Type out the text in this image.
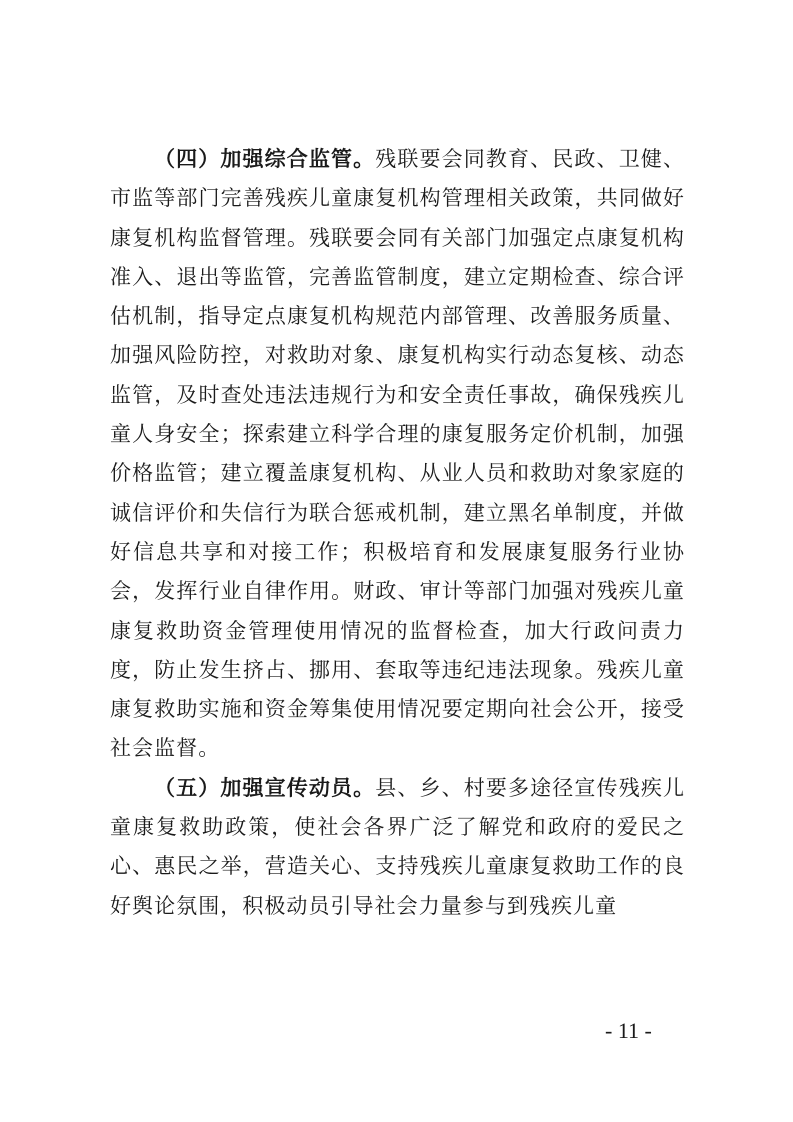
（四）加强综合监管。残联要会同教育、民政、卫健、市监等部门完善残疾儿童康复机构管理相关政策，共同做好康复机构监督管理。残联要会同有关部门加强定点康复机构准入、退出等监管，完善监管制度，建立定期检查、综合评估机制，指导定点康复机构规范内部管理、改善服务质量、加强风险防控，对救助对象、康复机构实行动态复核、动态监管，及时查处违法违规行为和安全责任事故，确保残疾儿童人身安全；探索建立科学合理的康复服务定价机制，加强价格监管；建立覆盖康复机构、从业人员和救助对象家庭的诚信评价和失信行为联合惩戒机制，建立黑名单制度，并做好信息共享和对接工作；积极培育和发展康复服务行业协会，发挥行业自律作用。财政、审计等部门加强对残疾儿童康复救助资金管理使用情况的监督检查，加大行政问责力度，防止发生挤占、挪用、套取等违纪违法现象。残疾儿童康复救助实施和资金筹集使用情况要定期向社会公开，接受社会监督。

（五）加强宣传动员。县、乡、村要多途径宣传残疾儿童康复救助政策，使社会各界广泛了解党和政府的爱民之心、惠民之举，营造关心、支持残疾儿童康复救助工作的良好舆论氛围，积极动员引导社会力量参与到残疾儿童

- 11 -
